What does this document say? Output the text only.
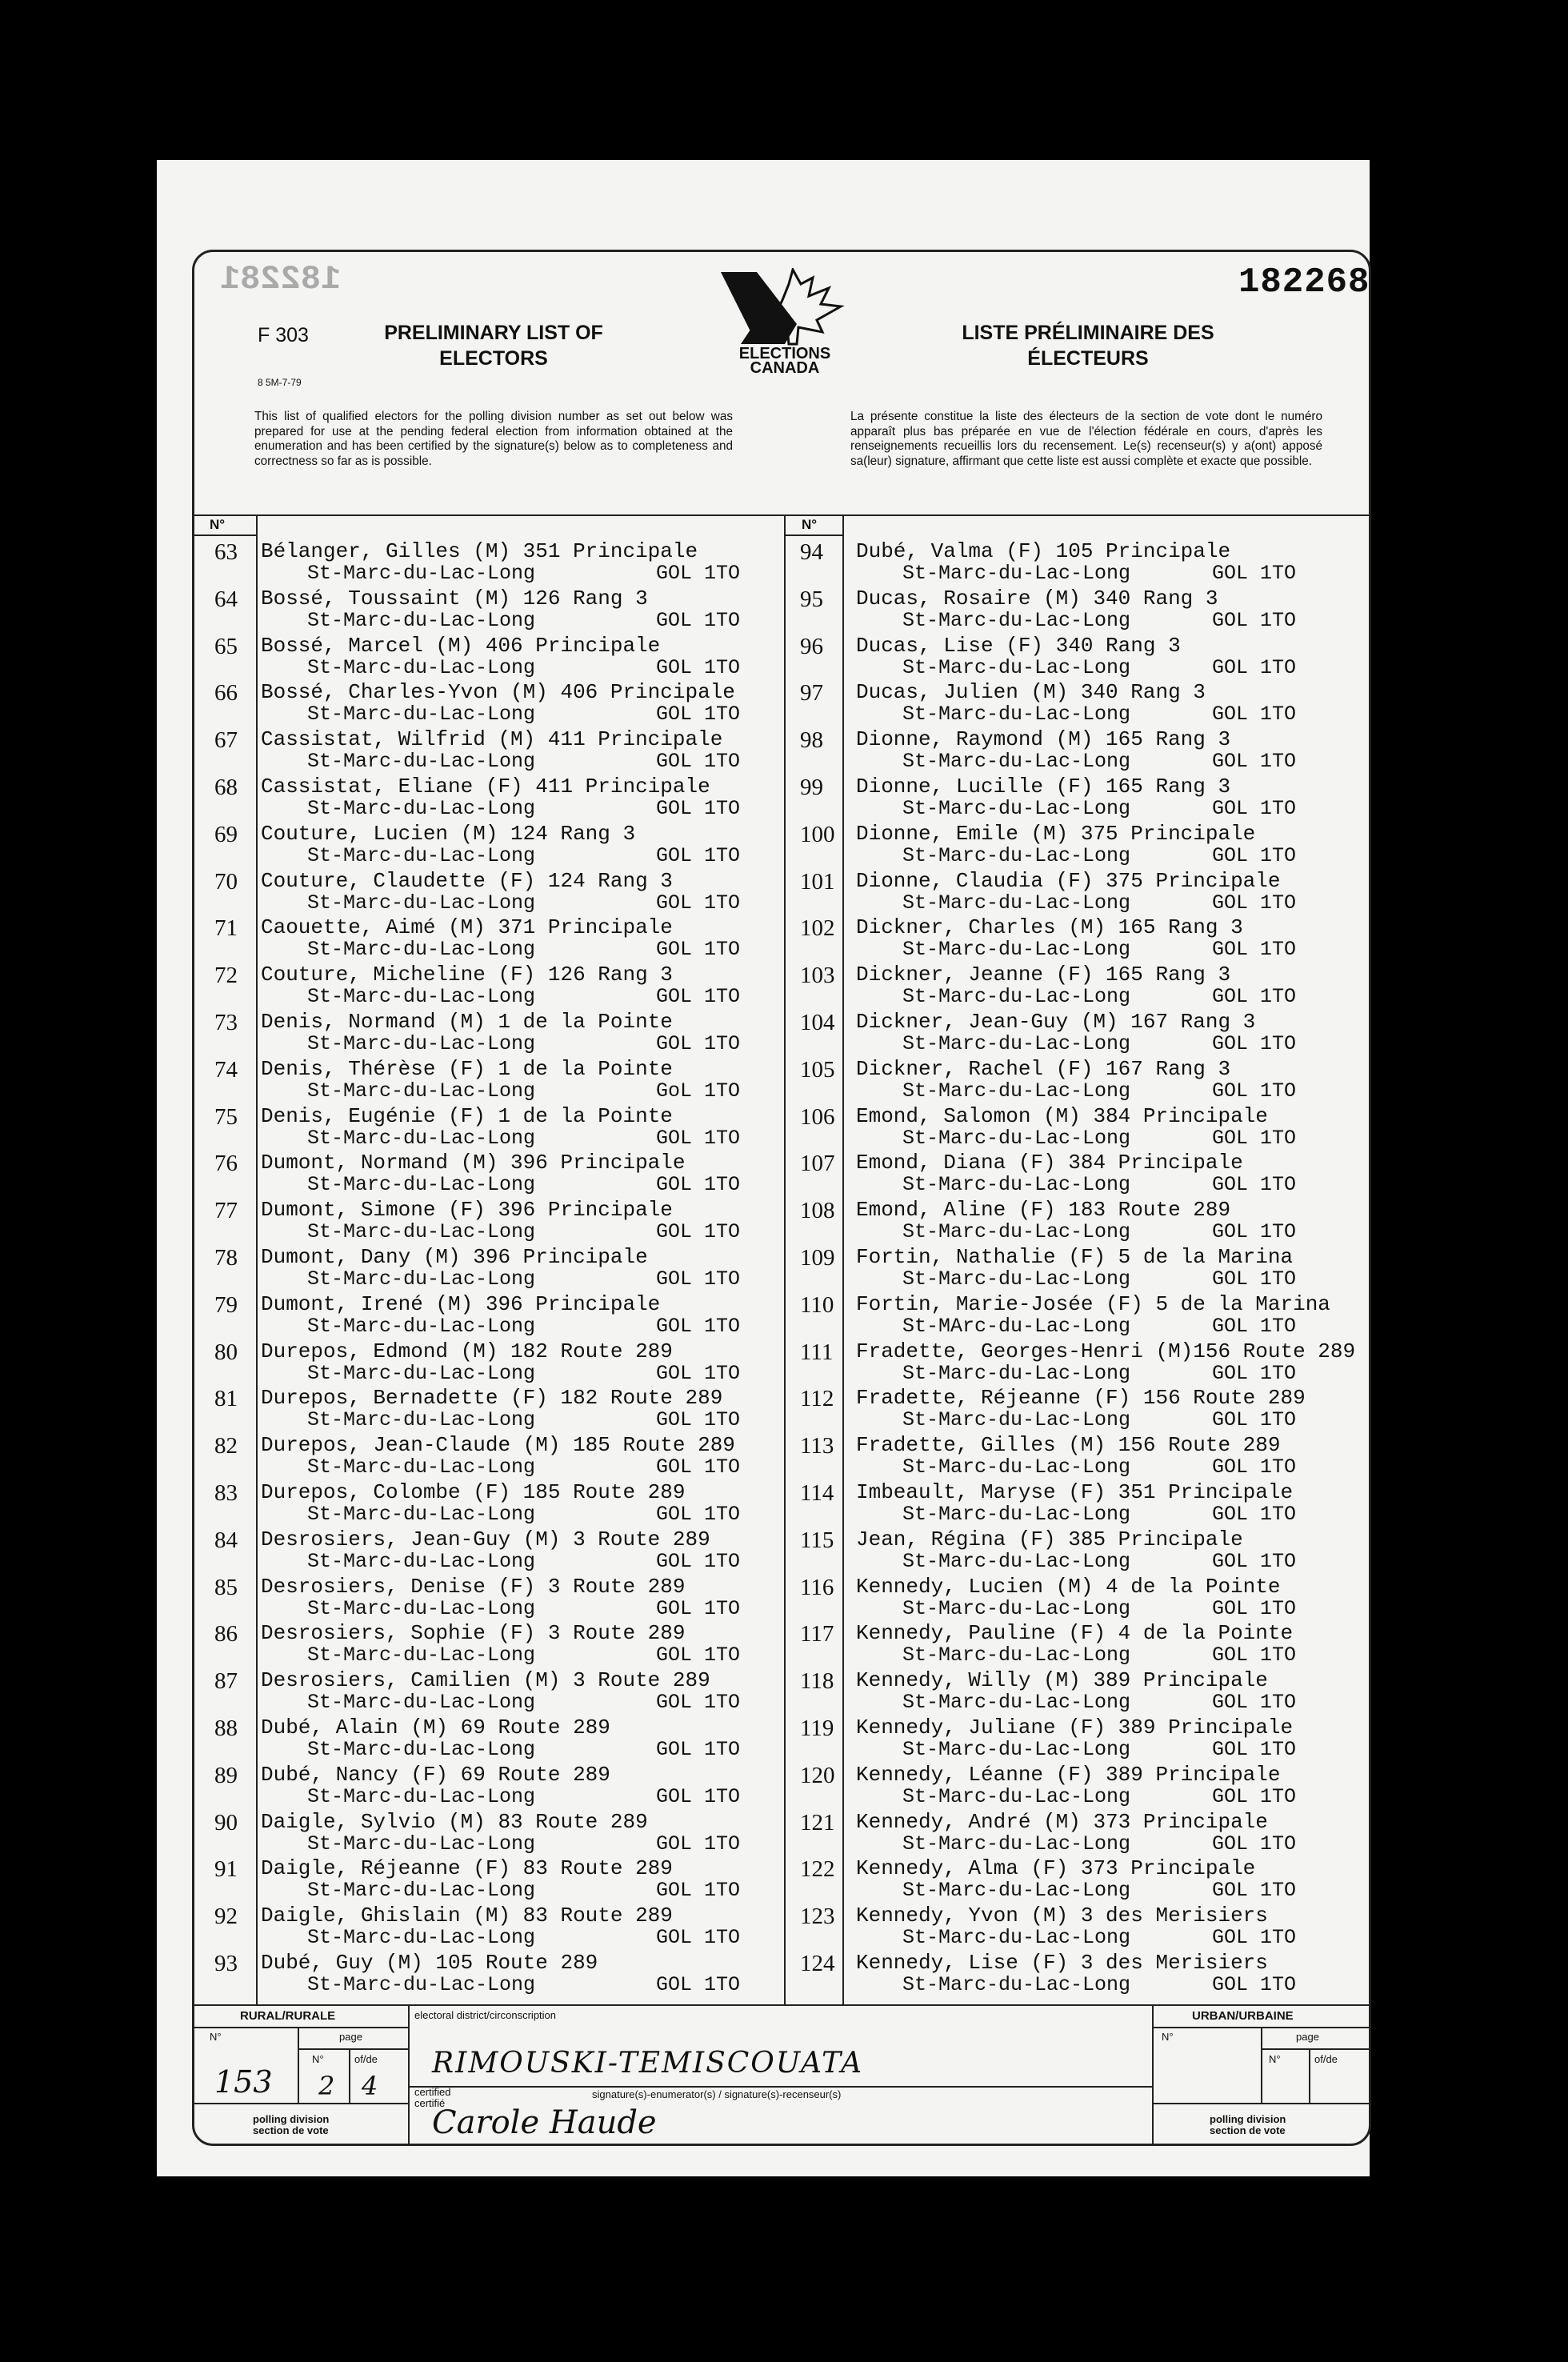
182281	182268
F 303
8 5M-7-79
PRELIMINARY LIST OF
ELECTORS
LISTE PRÉLIMINAIRE DES
ÉLECTEURS
ELECTIONS
CANADA
This list of qualified electors for the polling division number as set out below was prepared for use at the pending federal election from information obtained at the enumeration and has been certified by the signature(s) below as to completeness and correctness so far as is possible.
La présente constitue la liste des électeurs de la section de vote dont le numéro apparaît plus bas préparée en vue de l'élection fédérale en cours, d'après les renseignements recueillis lors du recensement. Le(s) recenseur(s) y a(ont) apposé sa(leur) signature, affirmant que cette liste est aussi complète et exacte que possible.
N°	N°
63 Bélanger, Gilles (M) 351 Principale
St-Marc-du-Lac-Long	GOL 1TO
64 Bossé, Toussaint (M) 126 Rang 3
St-Marc-du-Lac-Long	GOL 1TO
65 Bossé, Marcel (M) 406 Principale
St-Marc-du-Lac-Long	GOL 1TO
66 Bossé, Charles-Yvon (M) 406 Principale
St-Marc-du-Lac-Long	GOL 1TO
67 Cassistat, Wilfrid (M) 411 Principale
St-Marc-du-Lac-Long	GOL 1TO
68 Cassistat, Eliane (F) 411 Principale
St-Marc-du-Lac-Long	GOL 1TO
69 Couture, Lucien (M) 124 Rang 3
St-Marc-du-Lac-Long	GOL 1TO
70 Couture, Claudette (F) 124 Rang 3
St-Marc-du-Lac-Long	GOL 1TO
71 Caouette, Aimé (M) 371 Principale
St-Marc-du-Lac-Long	GOL 1TO
72 Couture, Micheline (F) 126 Rang 3
St-Marc-du-Lac-Long	GOL 1TO
73 Denis, Normand (M) 1 de la Pointe
St-Marc-du-Lac-Long	GOL 1TO
74 Denis, Thérèse (F) 1 de la Pointe
St-Marc-du-Lac-Long	GoL 1TO
75 Denis, Eugénie (F) 1 de la Pointe
St-Marc-du-Lac-Long	GOL 1TO
76 Dumont, Normand (M) 396 Principale
St-Marc-du-Lac-Long	GOL 1TO
77 Dumont, Simone (F) 396 Principale
St-Marc-du-Lac-Long	GOL 1TO
78 Dumont, Dany (M) 396 Principale
St-Marc-du-Lac-Long	GOL 1TO
79 Dumont, Irené (M) 396 Principale
St-Marc-du-Lac-Long	GOL 1TO
80 Durepos, Edmond (M) 182 Route 289
St-Marc-du-Lac-Long	GOL 1TO
81 Durepos, Bernadette (F) 182 Route 289
St-Marc-du-Lac-Long	GOL 1TO
82 Durepos, Jean-Claude (M) 185 Route 289
St-Marc-du-Lac-Long	GOL 1TO
83 Durepos, Colombe (F) 185 Route 289
St-Marc-du-Lac-Long	GOL 1TO
84 Desrosiers, Jean-Guy (M) 3 Route 289
St-Marc-du-Lac-Long	GOL 1TO
85 Desrosiers, Denise (F) 3 Route 289
St-Marc-du-Lac-Long	GOL 1TO
86 Desrosiers, Sophie (F) 3 Route 289
St-Marc-du-Lac-Long	GOL 1TO
87 Desrosiers, Camilien (M) 3 Route 289
St-Marc-du-Lac-Long	GOL 1TO
88 Dubé, Alain (M) 69 Route 289
St-Marc-du-Lac-Long	GOL 1TO
89 Dubé, Nancy (F) 69 Route 289
St-Marc-du-Lac-Long	GOL 1TO
90 Daigle, Sylvio (M) 83 Route 289
St-Marc-du-Lac-Long	GOL 1TO
91 Daigle, Réjeanne (F) 83 Route 289
St-Marc-du-Lac-Long	GOL 1TO
92 Daigle, Ghislain (M) 83 Route 289
St-Marc-du-Lac-Long	GOL 1TO
93 Dubé, Guy (M) 105 Route 289
St-Marc-du-Lac-Long	GOL 1TO
94 Dubé, Valma (F) 105 Principale
St-Marc-du-Lac-Long	GOL 1TO
95 Ducas, Rosaire (M) 340 Rang 3
St-Marc-du-Lac-Long	GOL 1TO
96 Ducas, Lise (F) 340 Rang 3
St-Marc-du-Lac-Long	GOL 1TO
97 Ducas, Julien (M) 340 Rang 3
St-Marc-du-Lac-Long	GOL 1TO
98 Dionne, Raymond (M) 165 Rang 3
St-Marc-du-Lac-Long	GOL 1TO
99 Dionne, Lucille (F) 165 Rang 3
St-Marc-du-Lac-Long	GOL 1TO
100 Dionne, Emile (M) 375 Principale
St-Marc-du-Lac-Long	GOL 1TO
101 Dionne, Claudia (F) 375 Principale
St-Marc-du-Lac-Long	GOL 1TO
102 Dickner, Charles (M) 165 Rang 3
St-Marc-du-Lac-Long	GOL 1TO
103 Dickner, Jeanne (F) 165 Rang 3
St-Marc-du-Lac-Long	GOL 1TO
104 Dickner, Jean-Guy (M) 167 Rang 3
St-Marc-du-Lac-Long	GOL 1TO
105 Dickner, Rachel (F) 167 Rang 3
St-Marc-du-Lac-Long	GOL 1TO
106 Emond, Salomon (M) 384 Principale
St-Marc-du-Lac-Long	GOL 1TO
107 Emond, Diana (F) 384 Principale
St-Marc-du-Lac-Long	GOL 1TO
108 Emond, Aline (F) 183 Route 289
St-Marc-du-Lac-Long	GOL 1TO
109 Fortin, Nathalie (F) 5 de la Marina
St-Marc-du-Lac-Long	GOL 1TO
110 Fortin, Marie-Josée (F) 5 de la Marina
St-MArc-du-Lac-Long	GOL 1TO
111 Fradette, Georges-Henri (M)156 Route 289
St-Marc-du-Lac-Long	GOL 1TO
112 Fradette, Réjeanne (F) 156 Route 289
St-Marc-du-Lac-Long	GOL 1TO
113 Fradette, Gilles (M) 156 Route 289
St-Marc-du-Lac-Long	GOL 1TO
114 Imbeault, Maryse (F) 351 Principale
St-Marc-du-Lac-Long	GOL 1TO
115 Jean, Régina (F) 385 Principale
St-Marc-du-Lac-Long	GOL 1TO
116 Kennedy, Lucien (M) 4 de la Pointe
St-Marc-du-Lac-Long	GOL 1TO
117 Kennedy, Pauline (F) 4 de la Pointe
St-Marc-du-Lac-Long	GOL 1TO
118 Kennedy, Willy (M) 389 Principale
St-Marc-du-Lac-Long	GOL 1TO
119 Kennedy, Juliane (F) 389 Principale
St-Marc-du-Lac-Long	GOL 1TO
120 Kennedy, Léanne (F) 389 Principale
St-Marc-du-Lac-Long	GOL 1TO
121 Kennedy, André (M) 373 Principale
St-Marc-du-Lac-Long	GOL 1TO
122 Kennedy, Alma (F) 373 Principale
St-Marc-du-Lac-Long	GOL 1TO
123 Kennedy, Yvon (M) 3 des Merisiers
St-Marc-du-Lac-Long	GOL 1TO
124 Kennedy, Lise (F) 3 des Merisiers
St-Marc-du-Lac-Long	GOL 1TO
RURAL/RURALE	URBAN/URBAINE
electoral district/circonscription
N°	page
N°	of/de
N°	page
N°	of/de
certified
certifié
signature(s)-enumerator(s) / signature(s)-recenseur(s)
polling division
section de vote
polling division
section de vote
RIMOUSKI-TEMISCOUATA
153 2 4
Carole Haude
